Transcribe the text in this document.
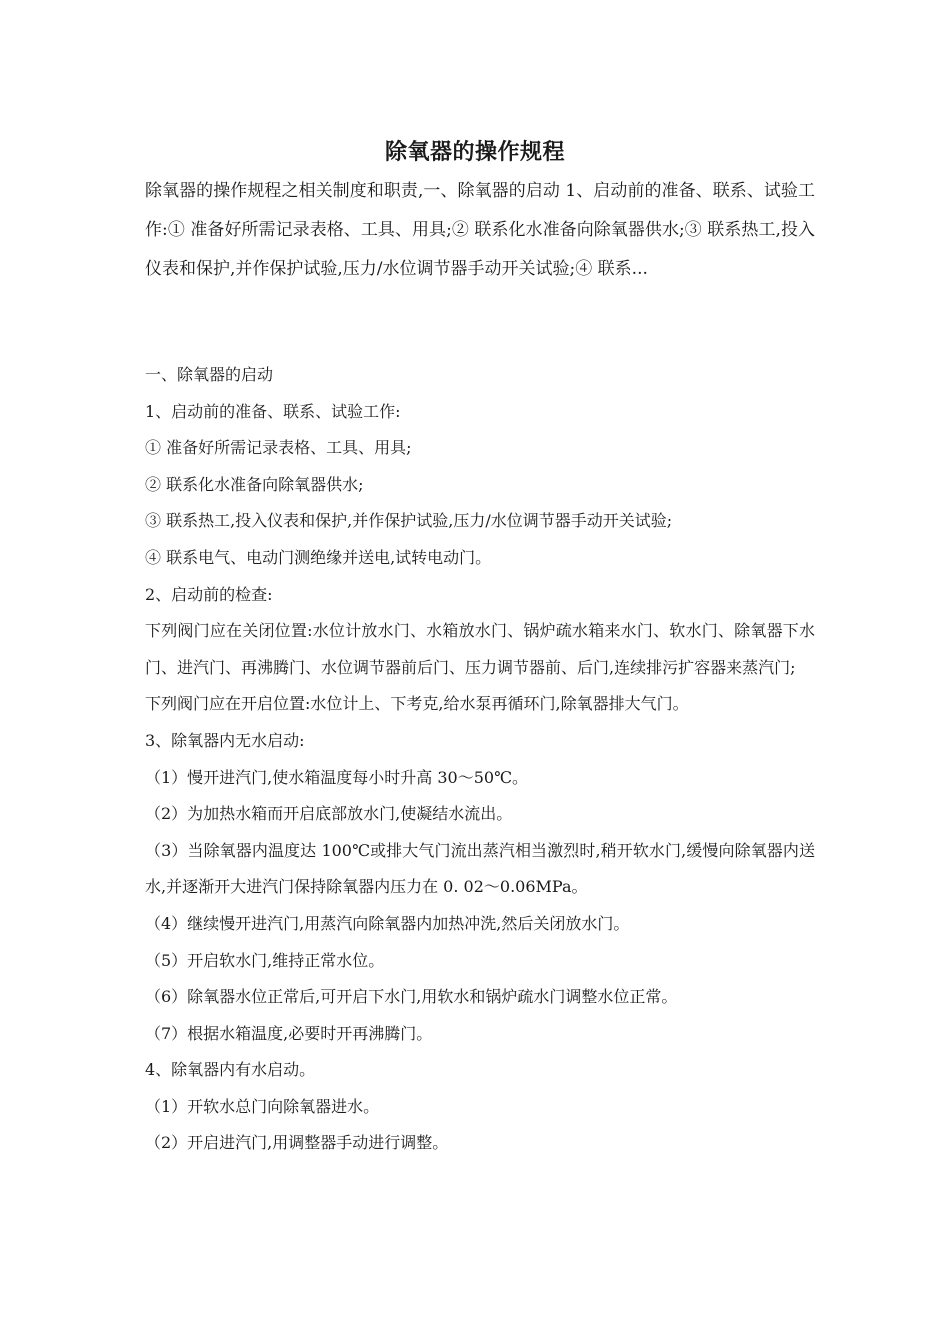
除氧器的操作规程

除氧器的操作规程之相关制度和职责,一、除氧器的启动 1、启动前的准备、联系、试验工作:① 准备好所需记录表格、工具、用具;② 联系化水准备向除氧器供水;③ 联系热工,投入仪表和保护,并作保护试验,压力/水位调节器手动开关试验;④ 联系...

一、除氧器的启动
1、启动前的准备、联系、试验工作:
① 准备好所需记录表格、工具、用具;
② 联系化水准备向除氧器供水;
③ 联系热工,投入仪表和保护,并作保护试验,压力/水位调节器手动开关试验;
④ 联系电气、电动门测绝缘并送电,试转电动门。
2、启动前的检查:
下列阀门应在关闭位置:水位计放水门、水箱放水门、锅炉疏水箱来水门、软水门、除氧器下水门、进汽门、再沸腾门、水位调节器前后门、压力调节器前、后门,连续排污扩容器来蒸汽门;
下列阀门应在开启位置:水位计上、下考克,给水泵再循环门,除氧器排大气门。
3、除氧器内无水启动:
（1）慢开进汽门,使水箱温度每小时升高 30～50℃。
（2）为加热水箱而开启底部放水门,使凝结水流出。
（3）当除氧器内温度达 100℃或排大气门流出蒸汽相当激烈时,稍开软水门,缓慢向除氧器内送水,并逐渐开大进汽门保持除氧器内压力在 0. 02～0.06MPa。
（4）继续慢开进汽门,用蒸汽向除氧器内加热冲洗,然后关闭放水门。
（5）开启软水门,维持正常水位。
（6）除氧器水位正常后,可开启下水门,用软水和锅炉疏水门调整水位正常。
（7）根据水箱温度,必要时开再沸腾门。
4、除氧器内有水启动。
（1）开软水总门向除氧器进水。
（2）开启进汽门,用调整器手动进行调整。
